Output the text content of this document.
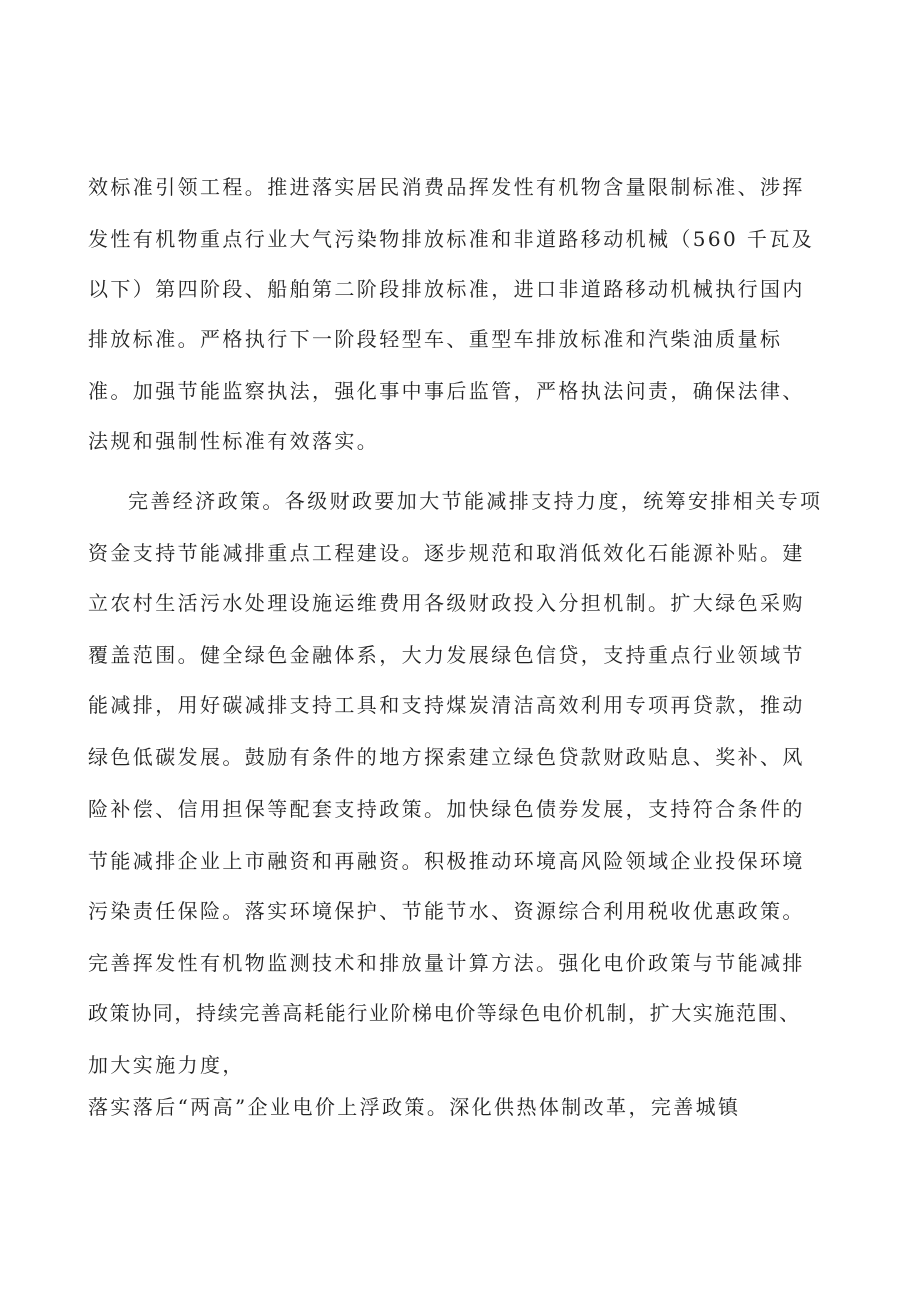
效标准引领工程。推进落实居民消费品挥发性有机物含量限制标准、涉挥
发性有机物重点行业大气污染物排放标准和非道路移动机械（560 千瓦及
以下）第四阶段、船舶第二阶段排放标准，进口非道路移动机械执行国内
排放标准。严格执行下一阶段轻型车、重型车排放标准和汽柴油质量标
准。加强节能监察执法，强化事中事后监管，严格执法问责，确保法律、
法规和强制性标准有效落实。
完善经济政策。各级财政要加大节能减排支持力度，统筹安排相关专项
资金支持节能减排重点工程建设。逐步规范和取消低效化石能源补贴。建
立农村生活污水处理设施运维费用各级财政投入分担机制。扩大绿色采购
覆盖范围。健全绿色金融体系，大力发展绿色信贷，支持重点行业领域节
能减排，用好碳减排支持工具和支持煤炭清洁高效利用专项再贷款，推动
绿色低碳发展。鼓励有条件的地方探索建立绿色贷款财政贴息、奖补、风
险补偿、信用担保等配套支持政策。加快绿色债券发展，支持符合条件的
节能减排企业上市融资和再融资。积极推动环境高风险领域企业投保环境
污染责任保险。落实环境保护、节能节水、资源综合利用税收优惠政策。
完善挥发性有机物监测技术和排放量计算方法。强化电价政策与节能减排
政策协同，持续完善高耗能行业阶梯电价等绿色电价机制，扩大实施范围、
加大实施力度，
落实落后“两高”企业电价上浮政策。深化供热体制改革，完善城镇
